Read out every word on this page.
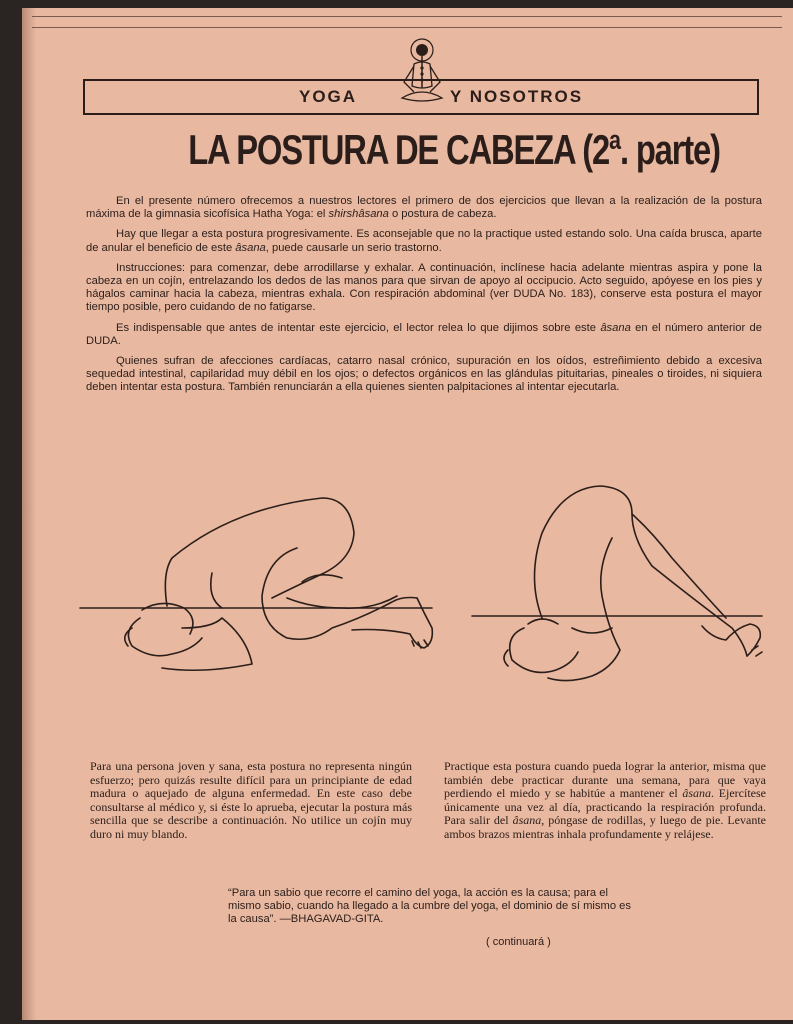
YOGA	Y NOSOTROS
LA POSTURA DE CABEZA (2ª. parte)

En el presente número ofrecemos a nuestros lectores el primero de dos ejercicios que llevan a la realización de la postura máxima de la gimnasia sicofísica Hatha Yoga: el shirshâsana o postura de cabeza.

Hay que llegar a esta postura progresivamente. Es aconsejable que no la practique usted estando solo. Una caída brusca, aparte de anular el beneficio de este âsana, puede causarle un serio trastorno.

Instrucciones: para comenzar, debe arrodillarse y exhalar. A continuación, inclínese hacia adelante mientras aspira y pone la cabeza en un cojín, entrelazando los dedos de las manos para que sirvan de apoyo al occipucio. Acto seguido, apóyese en los pies y hágalos caminar hacia la cabeza, mientras exhala. Con respiración abdominal (ver DUDA No. 183), conserve esta postura el mayor tiempo posible, pero cuidando de no fatigarse.

Es indispensable que antes de intentar este ejercicio, el lector relea lo que dijimos sobre este âsana en el número anterior de DUDA.

Quienes sufran de afecciones cardíacas, catarro nasal crónico, supuración en los oídos, estreñimiento debido a excesiva sequedad intestinal, capilaridad muy débil en los ojos; o defectos orgánicos en las glándulas pituitarias, pineales o tiroides, ni siquiera deben intentar esta postura. También renunciarán a ella quienes sienten palpitaciones al intentar ejecutarla.

Para una persona joven y sana, esta postura no representa ningún esfuerzo; pero quizás resulte difícil para un principiante de edad madura o aquejado de alguna enfermedad. En este caso debe consultarse al médico y, si éste lo aprueba, ejecutar la postura más sencilla que se describe a continuación. No utilice un cojín muy duro ni muy blando.

Practique esta postura cuando pueda lograr la anterior, misma que también debe practicar durante una semana, para que vaya perdiendo el miedo y se habitúe a mantener el âsana. Ejercítese únicamente una vez al día, practicando la respiración profunda. Para salir del âsana, póngase de rodillas, y luego de pie. Levante ambos brazos mientras inhala profundamente y relájese.

“Para un sabio que recorre el camino del yoga, la acción es la causa; para el mismo sabio, cuando ha llegado a la cumbre del yoga, el dominio de sí mismo es la causa”. —BHAGAVAD-GITA.

( continuará )
